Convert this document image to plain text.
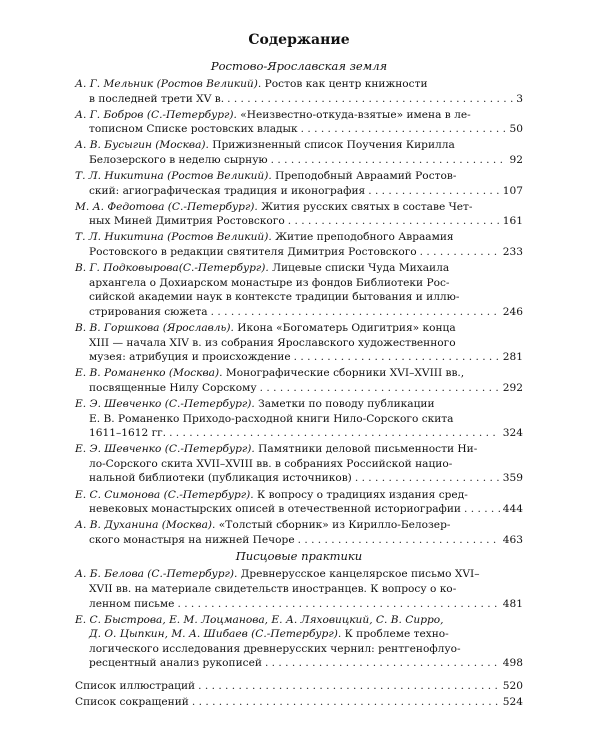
Содержание
Ростово-Ярославская земля
А. Г. Мельник (Ростов Великий). Ростов как центр книжности
в последней трети XV в. . . .	3
А. Г. Бобров (С.-Петербург). «Неизвестно-откуда-взятые» имена в ле-
тописном Списке ростовских владык . . .	50
А. В. Бусыгин (Москва). Прижизненный список Поучения Кирилла
Белозерского в неделю сырную . . .	92
Т. Л. Никитина (Ростов Великий). Преподобный Авраамий Ростов-
ский: агиографическая традиция и иконография . . .	107
М. А. Федотова (С.-Петербург). Жития русских святых в составе Чет-
ных Миней Димитрия Ростовского . . .	161
Т. Л. Никитина (Ростов Великий). Житие преподобного Авраамия
Ростовского в редакции святителя Димитрия Ростовского . . .	233
В. Г. Подковырова(С.-Петербург). Лицевые списки Чуда Михаила
архангела о Дохиарском монастыре из фондов Библиотеки Рос-
сийской академии наук в контексте традиции бытования и иллю-
стрирования сюжета . . .	246
В. В. Горшкова (Ярославль). Икона «Богоматерь Одигитрия» конца
XIII — начала XIV в. из собрания Ярославского художественного
музея: атрибуция и происхождение . . .	281
Е. В. Романенко (Москва). Монографические сборники XVI–XVIII вв.,
посвященные Нилу Сорскому . . .	292
Е. Э. Шевченко (С.-Петербург). Заметки по поводу публикации
Е. В. Романенко Приходо-расходной книги Нило-Сорского скита
1611–1612 гг. . . .	324
Е. Э. Шевченко (С.-Петербург). Памятники деловой письменности Ни-
ло-Сорского скита XVII–XVIII вв. в собраниях Российской нацио-
нальной библиотеки (публикация источников) . . .	359
Е. С. Симонова (С.-Петербург). К вопросу о традициях издания сред-
невековых монастырских описей в отечественной историографии . . .	444
А. В. Духанина (Москва). «Толстый сборник» из Кирилло-Белозер-
ского монастыря на нижней Печоре . . .	463
Писцовые практики
А. Б. Белова (С.-Петербург). Древнерусское канцелярское письмо XVI–
XVII вв. на материале свидетельств иностранцев. К вопросу о ко-
ленном письме . . .	481
Е. С. Быстрова, Е. М. Лоцманова, Е. А. Ляховицкий, С. В. Сирро,
Д. О. Цыпкин, М. А. Шибаев (С.-Петербург). К проблеме техно-
логического исследования древнерусских чернил: рентгенофлуо-
ресцентный анализ рукописей . . .	498
Список иллюстраций . . .	520
Список сокращений . . .	524
